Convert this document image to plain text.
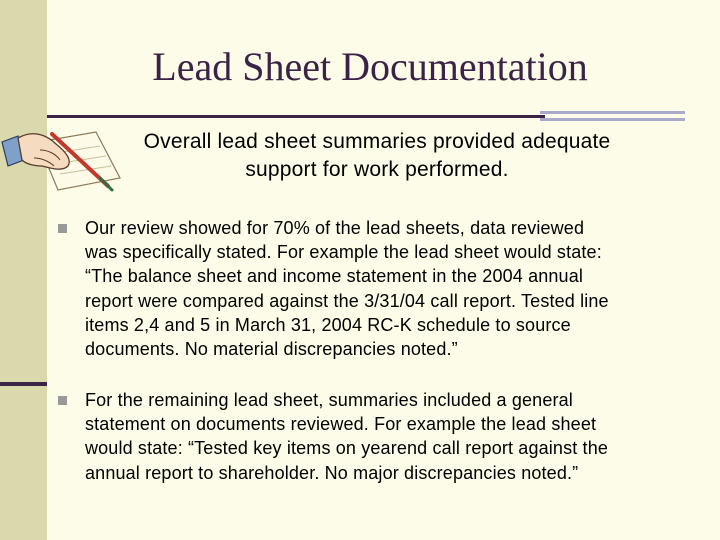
Lead Sheet Documentation
Overall lead sheet summaries provided adequate
support for work performed.
Our review showed for 70% of the lead sheets, data reviewed
was specifically stated. For example the lead sheet would state:
“The balance sheet and income statement in the 2004 annual
report were compared against the 3/31/04 call report. Tested line
items 2,4 and 5 in March 31, 2004 RC-K schedule to source
documents. No material discrepancies noted.”
For the remaining lead sheet, summaries included a general
statement on documents reviewed. For example the lead sheet
would state: “Tested key items on yearend call report against the
annual report to shareholder. No major discrepancies noted.”
